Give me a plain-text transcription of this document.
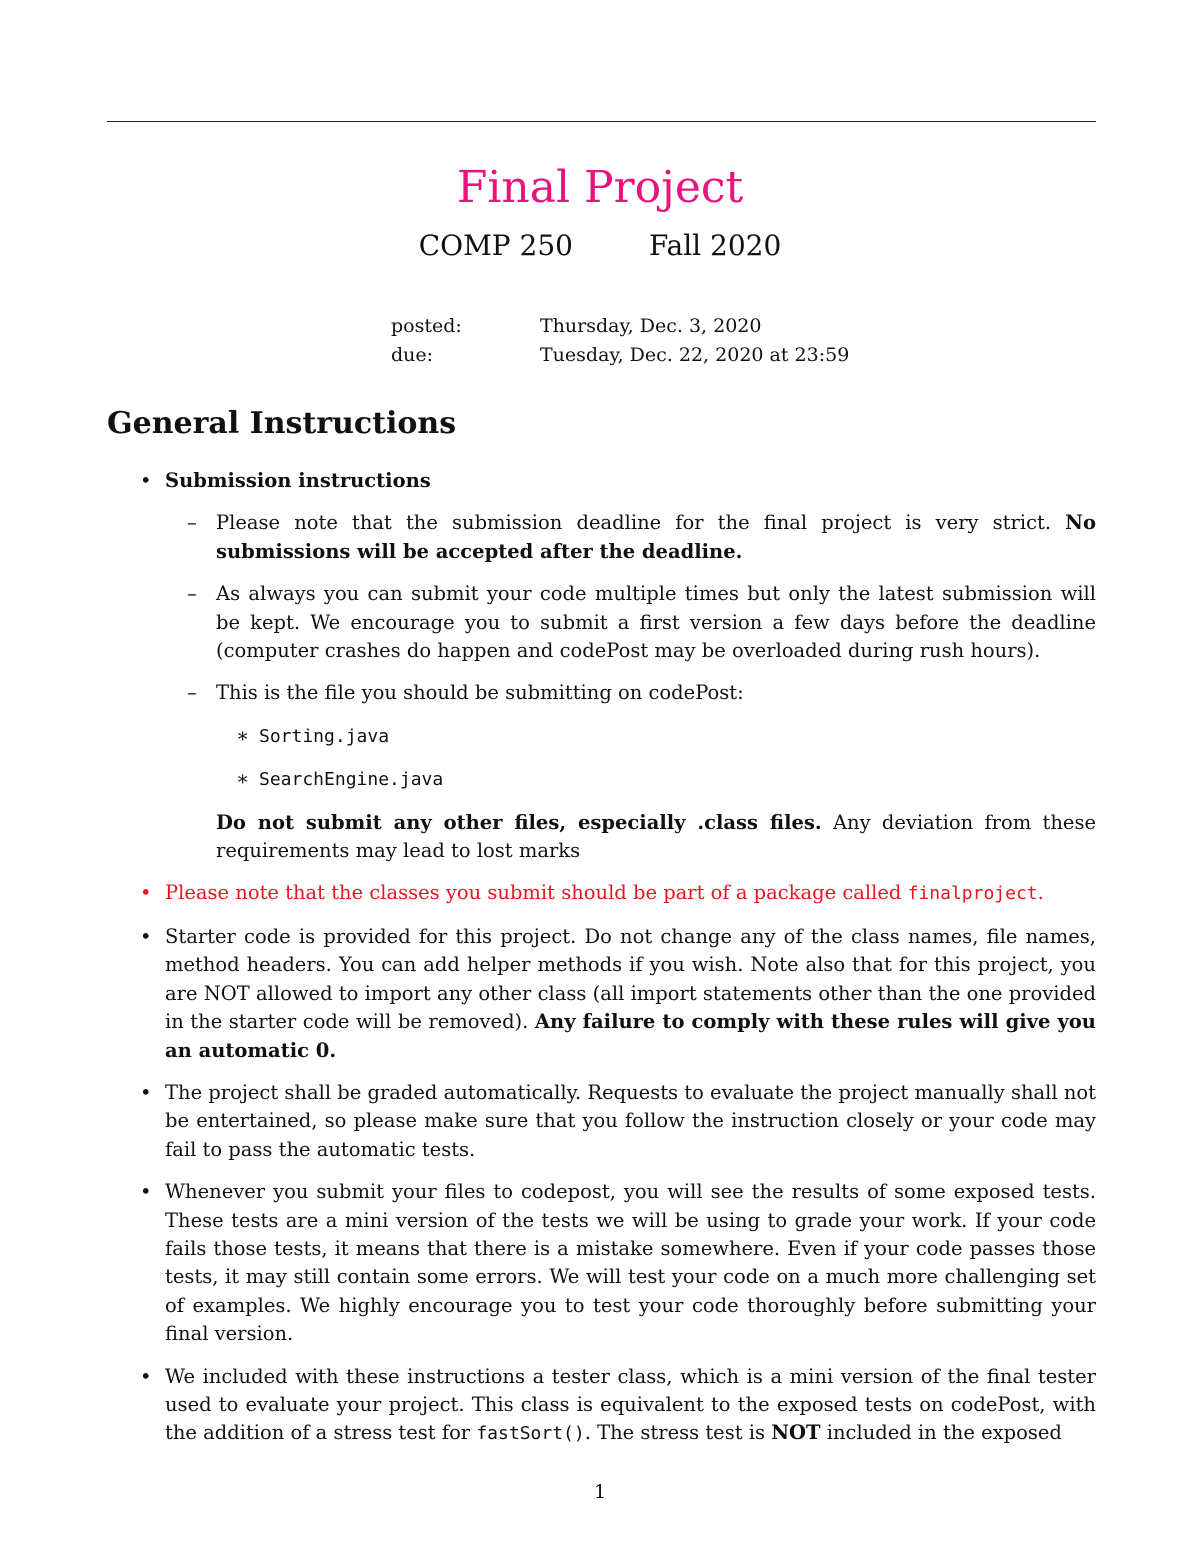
Final Project
COMP 250	Fall 2020
posted:	Thursday, Dec. 3, 2020
due:	Tuesday, Dec. 22, 2020 at 23:59
General Instructions
• Submission instructions
– Please note that the submission deadline for the final project is very strict. No submissions will be accepted after the deadline.
– As always you can submit your code multiple times but only the latest submission will be kept. We encourage you to submit a first version a few days before the deadline (computer crashes do happen and codePost may be overloaded during rush hours).
– This is the file you should be submitting on codePost:
∗ Sorting.java
∗ SearchEngine.java
Do not submit any other files, especially .class files. Any deviation from these requirements may lead to lost marks
• Please note that the classes you submit should be part of a package called finalproject.
• Starter code is provided for this project. Do not change any of the class names, file names, method headers. You can add helper methods if you wish. Note also that for this project, you are NOT allowed to import any other class (all import statements other than the one provided in the starter code will be removed). Any failure to comply with these rules will give you an automatic 0.
• The project shall be graded automatically. Requests to evaluate the project manually shall not be entertained, so please make sure that you follow the instruction closely or your code may fail to pass the automatic tests.
• Whenever you submit your files to codepost, you will see the results of some exposed tests. These tests are a mini version of the tests we will be using to grade your work. If your code fails those tests, it means that there is a mistake somewhere. Even if your code passes those tests, it may still contain some errors. We will test your code on a much more challenging set of examples. We highly encourage you to test your code thoroughly before submitting your final version.
• We included with these instructions a tester class, which is a mini version of the final tester used to evaluate your project. This class is equivalent to the exposed tests on codePost, with the addition of a stress test for fastSort(). The stress test is NOT included in the exposed
1
